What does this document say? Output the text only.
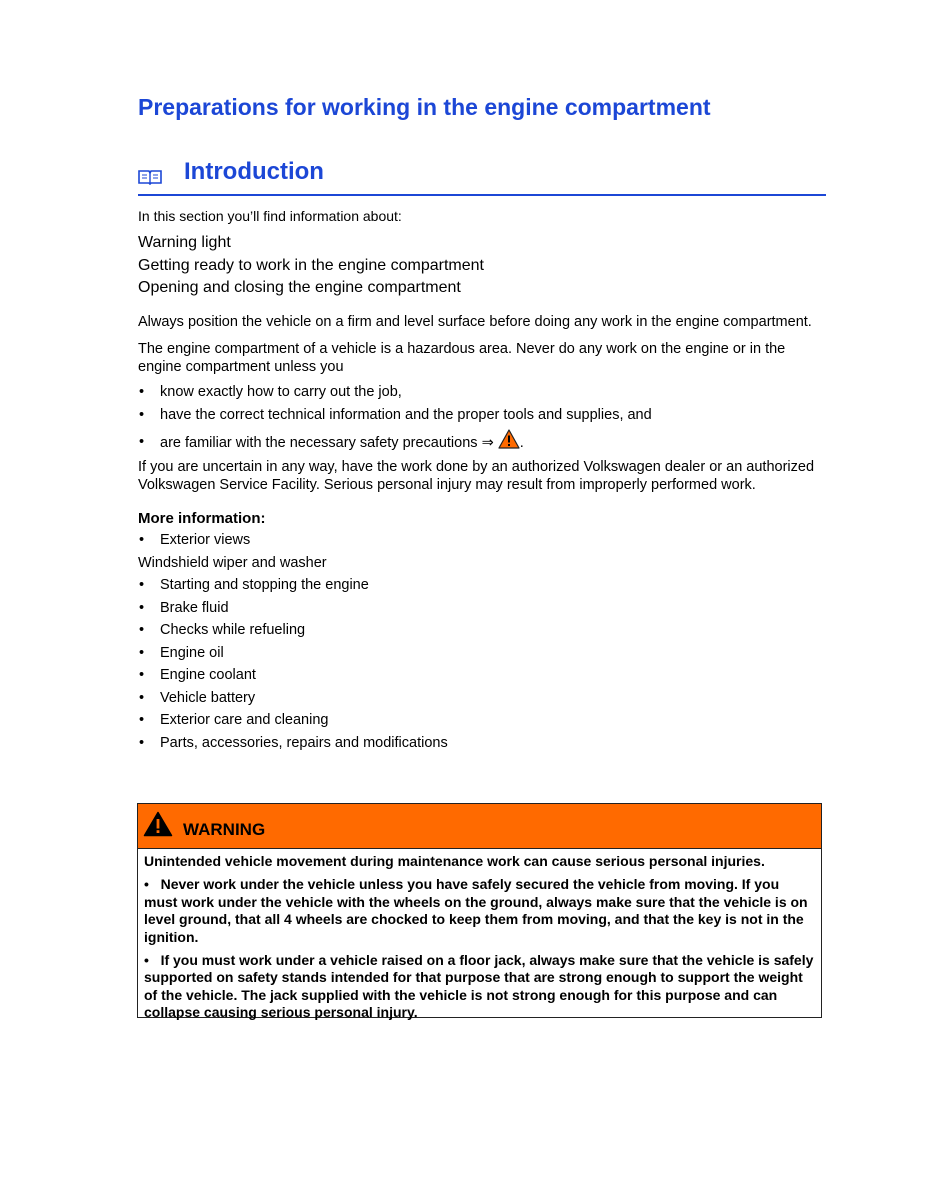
Preparations for working in the engine compartment
Introduction
In this section you’ll find information about:
Warning light
Getting ready to work in the engine compartment
Opening and closing the engine compartment

Always position the vehicle on a firm and level surface before doing any work in the engine compartment.

The engine compartment of a vehicle is a hazardous area. Never do any work on the engine or in the engine compartment unless you

• know exactly how to carry out the job,
• have the correct technical information and the proper tools and supplies, and
• are familiar with the necessary safety precautions ⇒ .

If you are uncertain in any way, have the work done by an authorized Volkswagen dealer or an authorized Volkswagen Service Facility. Serious personal injury may result from improperly performed work.

More information:
• Exterior views
Windshield wiper and washer
• Starting and stopping the engine
• Brake fluid
• Checks while refueling
• Engine oil
• Engine coolant
• Vehicle battery
• Exterior care and cleaning
• Parts, accessories, repairs and modifications
WARNING

Unintended vehicle movement during maintenance work can cause serious personal injuries.

• Never work under the vehicle unless you have safely secured the vehicle from moving. If you must work under the vehicle with the wheels on the ground, always make sure that the vehicle is on level ground, that all 4 wheels are chocked to keep them from moving, and that the key is not in the ignition.

• If you must work under a vehicle raised on a floor jack, always make sure that the vehicle is safely supported on safety stands intended for that purpose that are strong enough to support the weight of the vehicle. The jack supplied with the vehicle is not strong enough for this purpose and can collapse causing serious personal injury.
